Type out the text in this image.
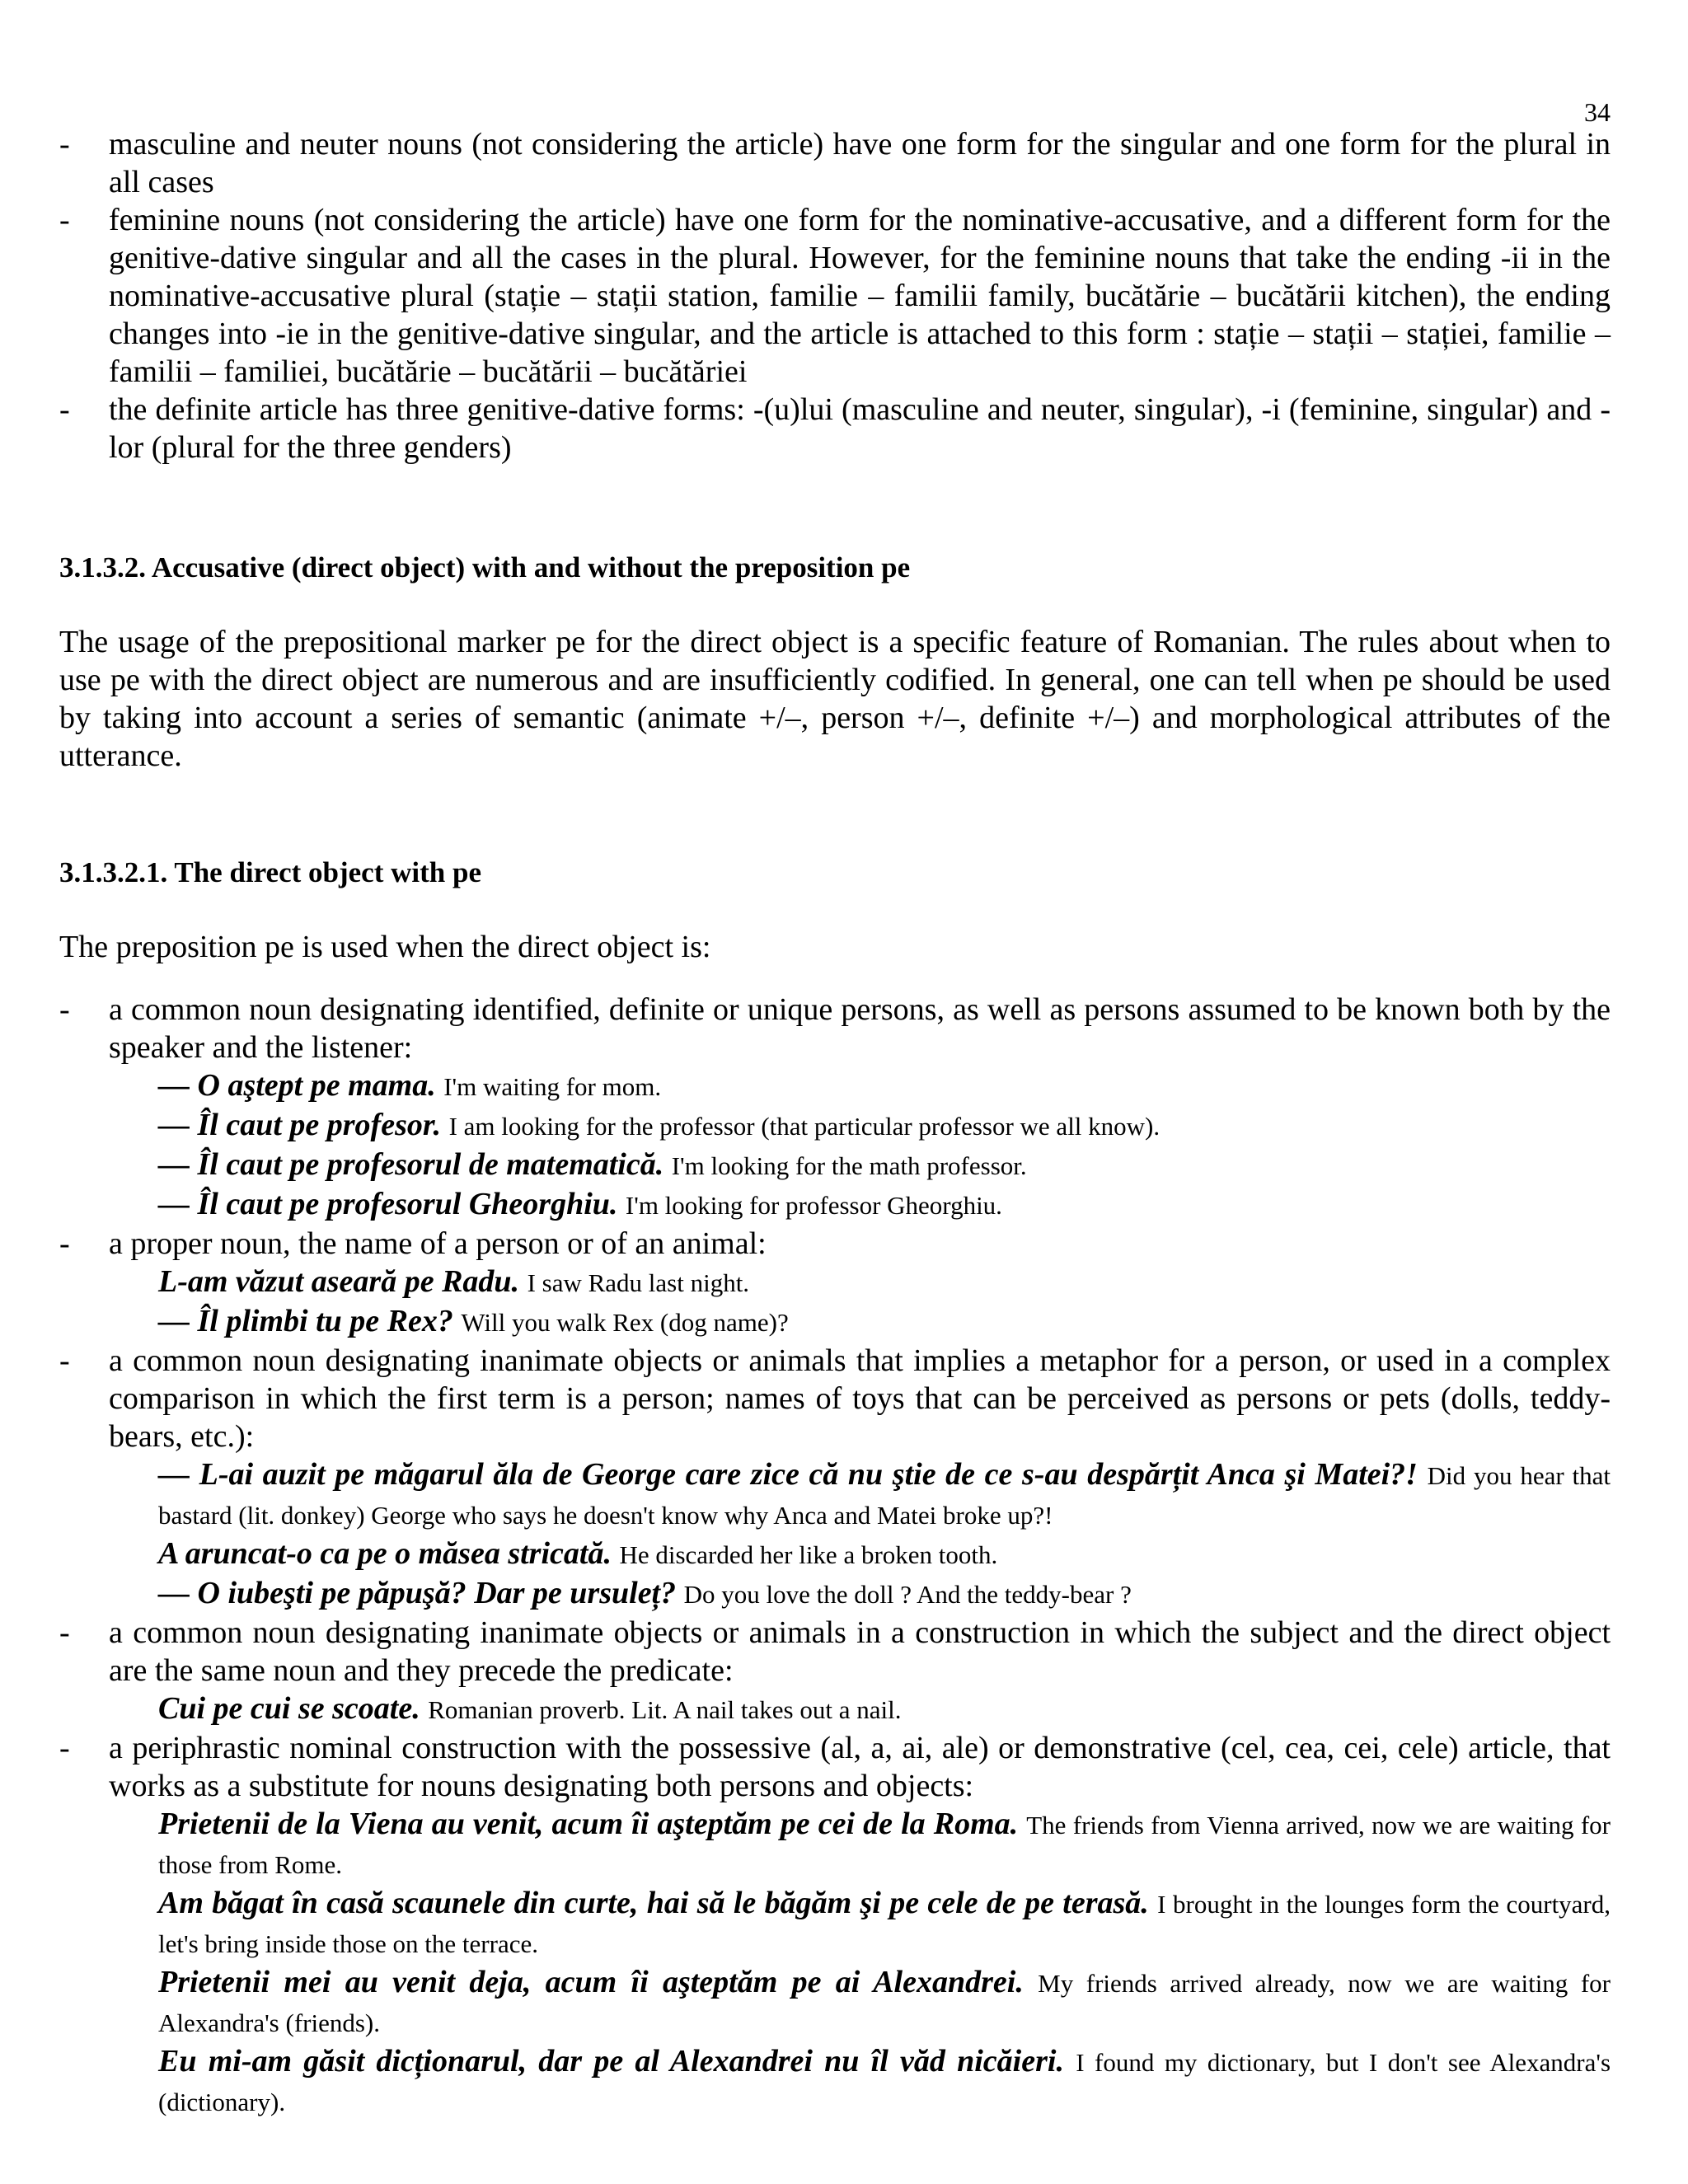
34
-	masculine and neuter nouns (not considering the article) have one form for the singular and one form for the plural in all cases
-	feminine nouns (not considering the article) have one form for the nominative-accusative, and a different form for the genitive-dative singular and all the cases in the plural. However, for the feminine nouns that take the ending -ii in the nominative-accusative plural (stație – stații station, familie – familii family, bucătărie – bucătării kitchen), the ending changes into -ie in the genitive-dative singular, and the article is attached to this form : stație – stații – stației, familie – familii – familiei, bucătărie – bucătării – bucătăriei
-	the definite article has three genitive-dative forms: -(u)lui (masculine and neuter, singular), -i (feminine, singular) and -lor (plural for the three genders)
3.1.3.2. Accusative (direct object) with and without the preposition pe
The usage of the prepositional marker pe for the direct object is a specific feature of Romanian. The rules about when to use pe with the direct object are numerous and are insufficiently codified. In general, one can tell when pe should be used by taking into account a series of semantic (animate +/–, person +/–, definite +/–) and morphological attributes of the utterance.
3.1.3.2.1. The direct object with pe
The preposition pe is used when the direct object is:
-	a common noun designating identified, definite or unique persons, as well as persons assumed to be known both by the speaker and the listener:
— O aştept pe mama. I'm waiting for mom.
— Îl caut pe profesor. I am looking for the professor (that particular professor we all know).
— Îl caut pe profesorul de matematică. I'm looking for the math professor.
— Îl caut pe profesorul Gheorghiu. I'm looking for professor Gheorghiu.
-	a proper noun, the name of a person or of an animal:
L-am văzut aseară pe Radu. I saw Radu last night.
— Îl plimbi tu pe Rex? Will you walk Rex (dog name)?
-	a common noun designating inanimate objects or animals that implies a metaphor for a person, or used in a complex comparison in which the first term is a person; names of toys that can be perceived as persons or pets (dolls, teddy-bears, etc.):
— L-ai auzit pe măgarul ăla de George care zice că nu ştie de ce s-au despărțit Anca şi Matei?! Did you hear that bastard (lit. donkey) George who says he doesn't know why Anca and Matei broke up?!
A aruncat-o ca pe o măsea stricată. He discarded her like a broken tooth.
— O iubeşti pe păpuşă? Dar pe ursuleț? Do you love the doll ? And the teddy-bear ?
-	a common noun designating inanimate objects or animals in a construction in which the subject and the direct object are the same noun and they precede the predicate:
Cui pe cui se scoate. Romanian proverb. Lit. A nail takes out a nail.
-	a periphrastic nominal construction with the possessive (al, a, ai, ale) or demonstrative (cel, cea, cei, cele) article, that works as a substitute for nouns designating both persons and objects:
Prietenii de la Viena au venit, acum îi aşteptăm pe cei de la Roma. The friends from Vienna arrived, now we are waiting for those from Rome.
Am băgat în casă scaunele din curte, hai să le băgăm şi pe cele de pe terasă. I brought in the lounges form the courtyard, let's bring inside those on the terrace.
Prietenii mei au venit deja, acum îi aşteptăm pe ai Alexandrei. My friends arrived already, now we are waiting for Alexandra's (friends).
Eu mi-am găsit dicționarul, dar pe al Alexandrei nu îl văd nicăieri. I found my dictionary, but I don't see Alexandra's (dictionary).
